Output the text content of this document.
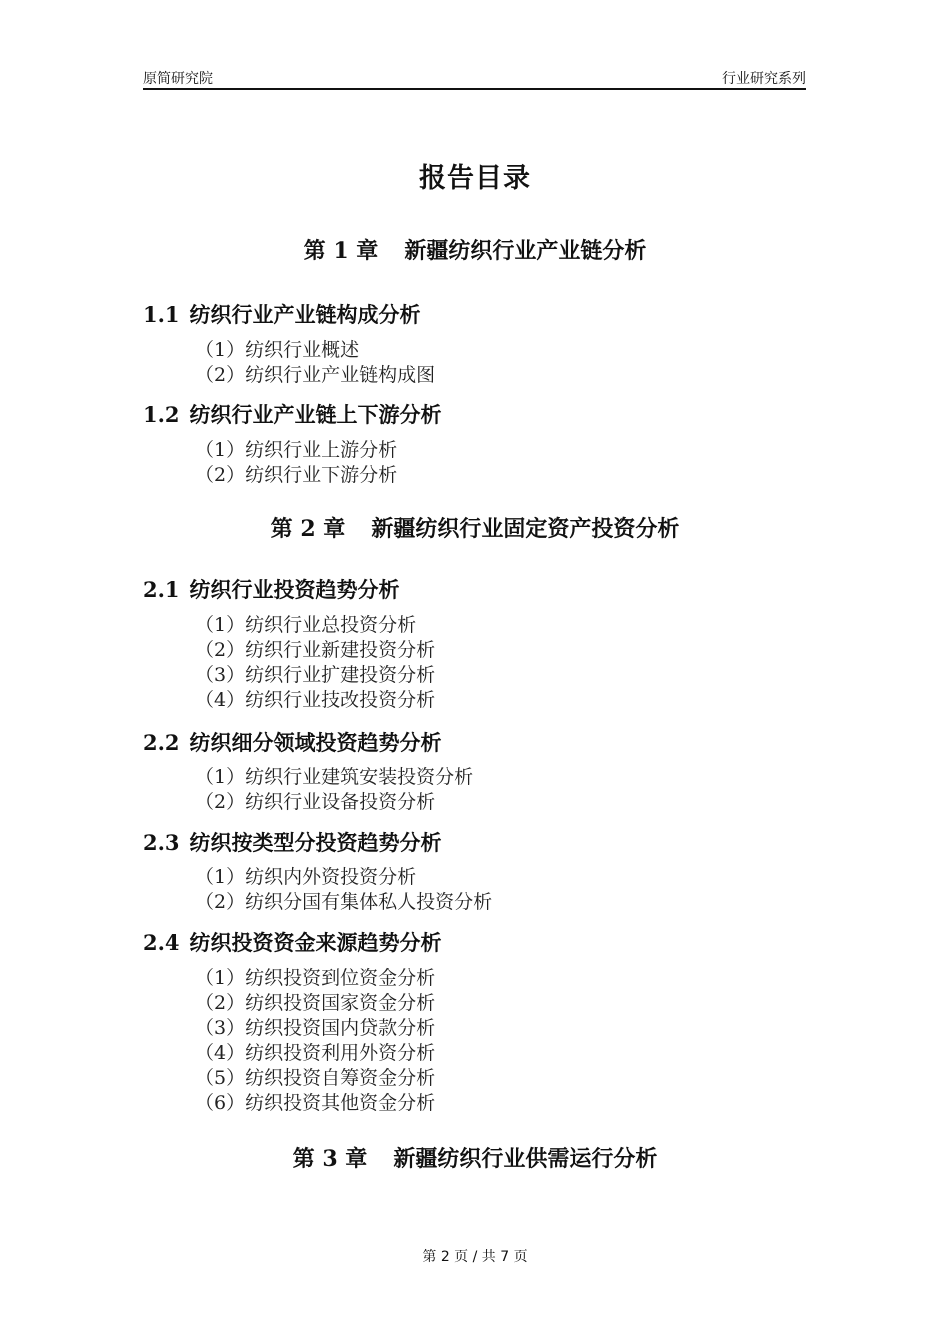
原简研究院	行业研究系列
报告目录
第 1 章 新疆纺织行业产业链分析
1.1 纺织行业产业链构成分析
（1）纺织行业概述
（2）纺织行业产业链构成图
1.2 纺织行业产业链上下游分析
（1）纺织行业上游分析
（2）纺织行业下游分析
第 2 章 新疆纺织行业固定资产投资分析
2.1 纺织行业投资趋势分析
（1）纺织行业总投资分析
（2）纺织行业新建投资分析
（3）纺织行业扩建投资分析
（4）纺织行业技改投资分析
2.2 纺织细分领域投资趋势分析
（1）纺织行业建筑安装投资分析
（2）纺织行业设备投资分析
2.3 纺织按类型分投资趋势分析
（1）纺织内外资投资分析
（2）纺织分国有集体私人投资分析
2.4 纺织投资资金来源趋势分析
（1）纺织投资到位资金分析
（2）纺织投资国家资金分析
（3）纺织投资国内贷款分析
（4）纺织投资利用外资分析
（5）纺织投资自筹资金分析
（6）纺织投资其他资金分析
第 3 章 新疆纺织行业供需运行分析
第 2 页 / 共 7 页
